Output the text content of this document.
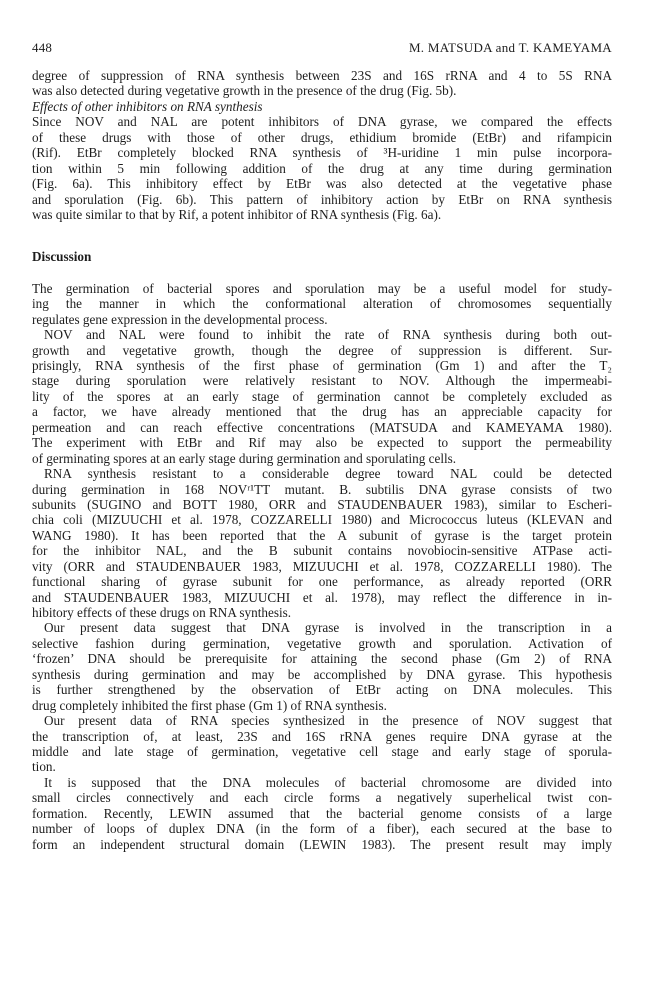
448	M. MATSUDA and T. KAMEYAMA
degree of suppression of RNA synthesis between 23S and 16S rRNA and 4 to 5S RNA
was also detected during vegetative growth in the presence of the drug (Fig. 5b).
Effects of other inhibitors on RNA synthesis
Since NOV and NAL are potent inhibitors of DNA gyrase, we compared the effects
of these drugs with those of other drugs, ethidium bromide (EtBr) and rifampicin
(Rif). EtBr completely blocked RNA synthesis of ³H-uridine 1 min pulse incorpora-
tion within 5 min following addition of the drug at any time during germination
(Fig. 6a). This inhibitory effect by EtBr was also detected at the vegetative phase
and sporulation (Fig. 6b). This pattern of inhibitory action by EtBr on RNA synthesis
was quite similar to that by Rif, a potent inhibitor of RNA synthesis (Fig. 6a).
Discussion
The germination of bacterial spores and sporulation may be a useful model for study-
ing the manner in which the conformational alteration of chromosomes sequentially
regulates gene expression in the developmental process.
NOV and NAL were found to inhibit the rate of RNA synthesis during both out-
growth and vegetative growth, though the degree of suppression is different. Sur-
prisingly, RNA synthesis of the first phase of germination (Gm 1) and after the T₂
stage during sporulation were relatively resistant to NOV. Although the impermeabi-
lity of the spores at an early stage of germination cannot be completely excluded as
a factor, we have already mentioned that the drug has an appreciable capacity for
permeation and can reach effective concentrations (MATSUDA and KAMEYAMA 1980).
The experiment with EtBr and Rif may also be expected to support the permeability
of germinating spores at an early stage during germination and sporulating cells.
RNA synthesis resistant to a considerable degree toward NAL could be detected
during germination in 168 NOVʳ¹TT mutant. B. subtilis DNA gyrase consists of two
subunits (SUGINO and BOTT 1980, ORR and STAUDENBAUER 1983), similar to Escheri-
chia coli (MIZUUCHI et al. 1978, COZZARELLI 1980) and Micrococcus luteus (KLEVAN and
WANG 1980). It has been reported that the A subunit of gyrase is the target protein
for the inhibitor NAL, and the B subunit contains novobiocin-sensitive ATPase acti-
vity (ORR and STAUDENBAUER 1983, MIZUUCHI et al. 1978, COZZARELLI 1980). The
functional sharing of gyrase subunit for one performance, as already reported (ORR
and STAUDENBAUER 1983, MIZUUCHI et al. 1978), may reflect the difference in in-
hibitory effects of these drugs on RNA synthesis.
Our present data suggest that DNA gyrase is involved in the transcription in a
selective fashion during germination, vegetative growth and sporulation. Activation of
‘frozen’ DNA should be prerequisite for attaining the second phase (Gm 2) of RNA
synthesis during germination and may be accomplished by DNA gyrase. This hypothesis
is further strengthened by the observation of EtBr acting on DNA molecules. This
drug completely inhibited the first phase (Gm 1) of RNA synthesis.
Our present data of RNA species synthesized in the presence of NOV suggest that
the transcription of, at least, 23S and 16S rRNA genes require DNA gyrase at the
middle and late stage of germination, vegetative cell stage and early stage of sporula-
tion.
It is supposed that the DNA molecules of bacterial chromosome are divided into
small circles connectively and each circle forms a negatively superhelical twist con-
formation. Recently, LEWIN assumed that the bacterial genome consists of a large
number of loops of duplex DNA (in the form of a fiber), each secured at the base to
form an independent structural domain (LEWIN 1983). The present result may imply
